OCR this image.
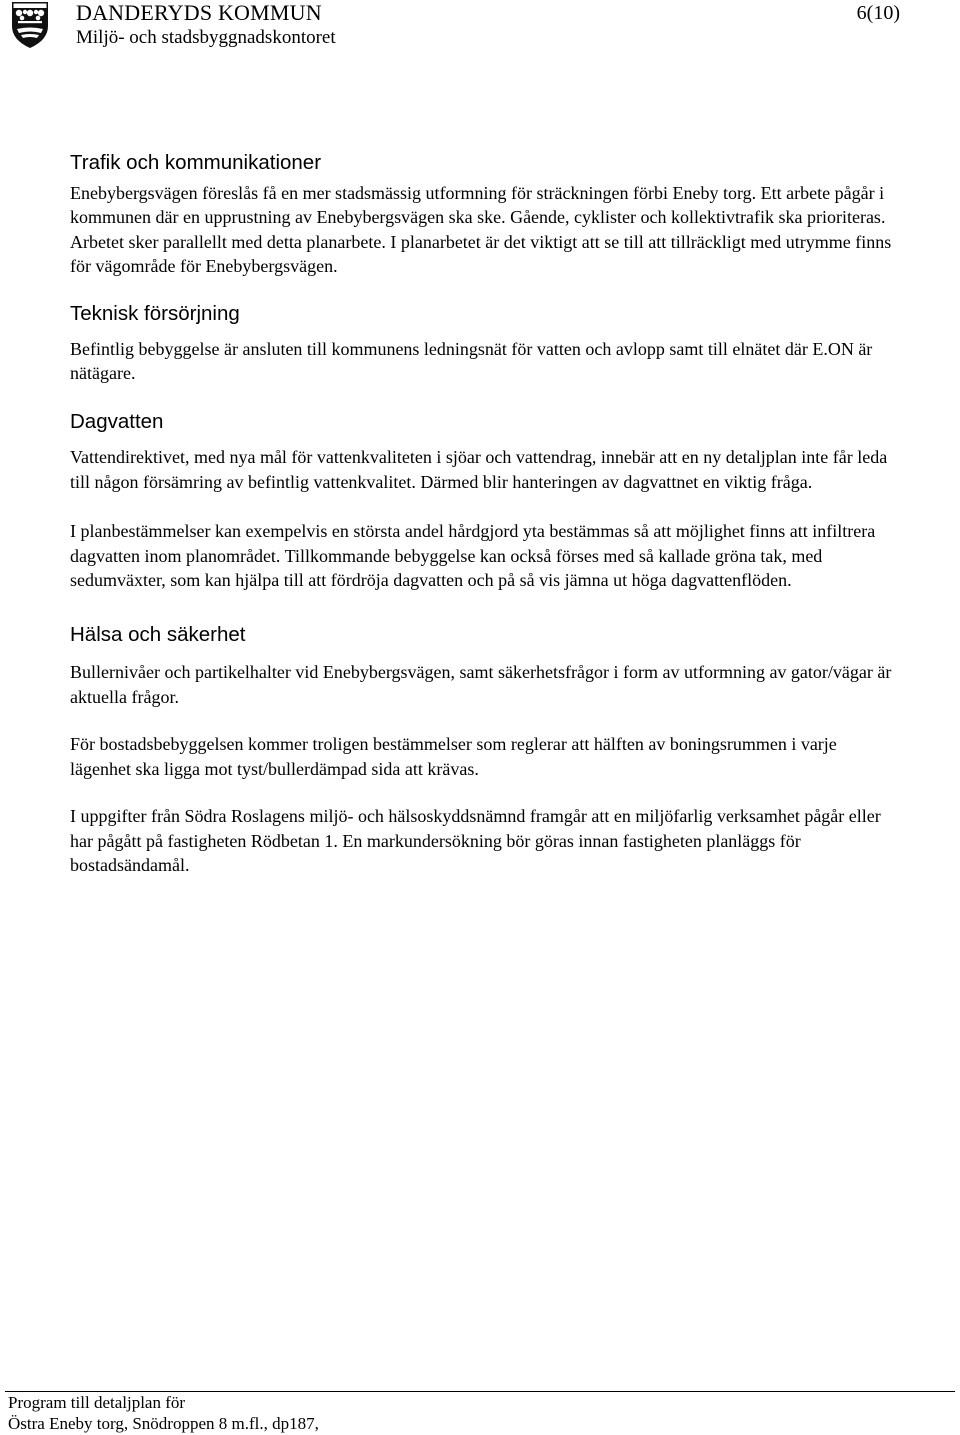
DANDERYDS KOMMUN
Miljö- och stadsbyggnadskontoret
6(10)
Trafik och kommunikationer

Enebybergsvägen föreslås få en mer stadsmässig utformning för sträckningen förbi Eneby torg. Ett arbete pågår i kommunen där en upprustning av Enebybergsvägen ska ske. Gående, cyklister och kollektivtrafik ska prioriteras. Arbetet sker parallellt med detta planarbete. I planarbetet är det viktigt att se till att tillräckligt med utrymme finns för vägområde för Enebybergsvägen.

Teknisk försörjning

Befintlig bebyggelse är ansluten till kommunens ledningsnät för vatten och avlopp samt till elnätet där E.ON är nätägare.

Dagvatten

Vattendirektivet, med nya mål för vattenkvaliteten i sjöar och vattendrag, innebär att en ny detaljplan inte får leda till någon försämring av befintlig vattenkvalitet. Därmed blir hanteringen av dagvattnet en viktig fråga.

I planbestämmelser kan exempelvis en största andel hårdgjord yta bestämmas så att möjlighet finns att infiltrera dagvatten inom planområdet. Tillkommande bebyggelse kan också förses med så kallade gröna tak, med sedumväxter, som kan hjälpa till att fördröja dagvatten och på så vis jämna ut höga dagvattenflöden.

Hälsa och säkerhet

Bullernivåer och partikelhalter vid Enebybergsvägen, samt säkerhetsfrågor i form av utformning av gator/vägar är aktuella frågor.

För bostadsbebyggelsen kommer troligen bestämmelser som reglerar att hälften av boningsrummen i varje lägenhet ska ligga mot tyst/bullerdämpad sida att krävas.

I uppgifter från Södra Roslagens miljö- och hälsoskyddsnämnd framgår att en miljöfarlig verksamhet pågår eller har pågått på fastigheten Rödbetan 1. En markundersökning bör göras innan fastigheten planläggs för bostadsändamål.

Program till detaljplan för
Östra Eneby torg, Snödroppen 8 m.fl., dp187,
